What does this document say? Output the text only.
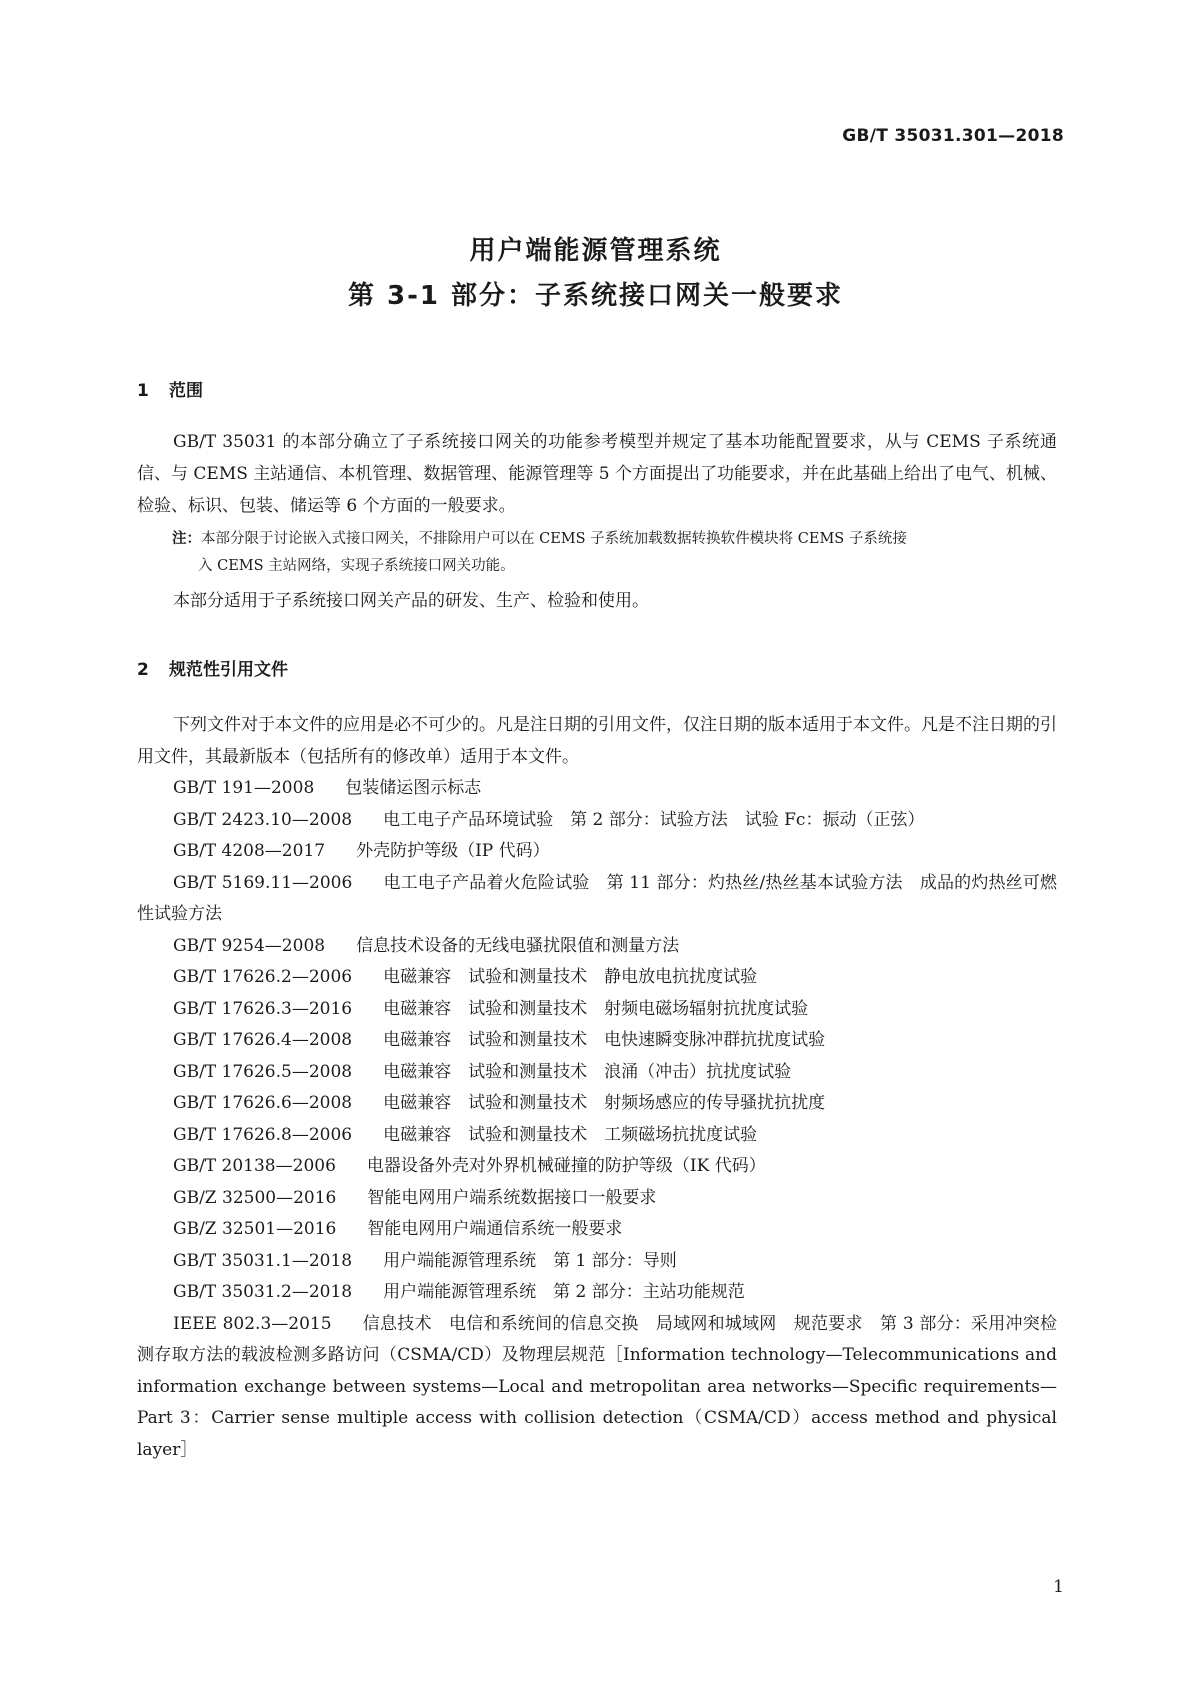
GB/T 35031.301—2018
用户端能源管理系统
第 3-1 部分：子系统接口网关一般要求
1 范围
GB/T 35031 的本部分确立了子系统接口网关的功能参考模型并规定了基本功能配置要求，从与 CEMS 子系统通信、与 CEMS 主站通信、本机管理、数据管理、能源管理等 5 个方面提出了功能要求，并在此基础上给出了电气、机械、检验、标识、包装、储运等 6 个方面的一般要求。
注：本部分限于讨论嵌入式接口网关，不排除用户可以在 CEMS 子系统加载数据转换软件模块将 CEMS 子系统接
入 CEMS 主站网络，实现子系统接口网关功能。
本部分适用于子系统接口网关产品的研发、生产、检验和使用。
2 规范性引用文件
下列文件对于本文件的应用是必不可少的。凡是注日期的引用文件，仅注日期的版本适用于本文件。凡是不注日期的引用文件，其最新版本（包括所有的修改单）适用于本文件。
GB/T 191—2008  包装储运图示标志
GB/T 2423.10—2008  电工电子产品环境试验　第 2 部分：试验方法　试验 Fc：振动（正弦）
GB/T 4208—2017  外壳防护等级（IP 代码）
GB/T 5169.11—2006  电工电子产品着火危险试验　第 11 部分：灼热丝/热丝基本试验方法　成品的灼热丝可燃性试验方法
GB/T 9254—2008  信息技术设备的无线电骚扰限值和测量方法
GB/T 17626.2—2006  电磁兼容　试验和测量技术　静电放电抗扰度试验
GB/T 17626.3—2016  电磁兼容　试验和测量技术　射频电磁场辐射抗扰度试验
GB/T 17626.4—2008  电磁兼容　试验和测量技术　电快速瞬变脉冲群抗扰度试验
GB/T 17626.5—2008  电磁兼容　试验和测量技术　浪涌（冲击）抗扰度试验
GB/T 17626.6—2008  电磁兼容　试验和测量技术　射频场感应的传导骚扰抗扰度
GB/T 17626.8—2006  电磁兼容　试验和测量技术　工频磁场抗扰度试验
GB/T 20138—2006  电器设备外壳对外界机械碰撞的防护等级（IK 代码）
GB/Z 32500—2016  智能电网用户端系统数据接口一般要求
GB/Z 32501—2016  智能电网用户端通信系统一般要求
GB/T 35031.1—2018  用户端能源管理系统　第 1 部分：导则
GB/T 35031.2—2018  用户端能源管理系统　第 2 部分：主站功能规范
IEEE 802.3—2015  信息技术　电信和系统间的信息交换　局域网和城域网　规范要求　第 3 部分：采用冲突检测存取方法的载波检测多路访问（CSMA/CD）及物理层规范［Information technology—Telecommunications and information exchange between systems—Local and metropolitan area networks—Specific requirements—Part 3：Carrier sense multiple access with collision detection（CSMA/CD）access method and physical layer］
1
